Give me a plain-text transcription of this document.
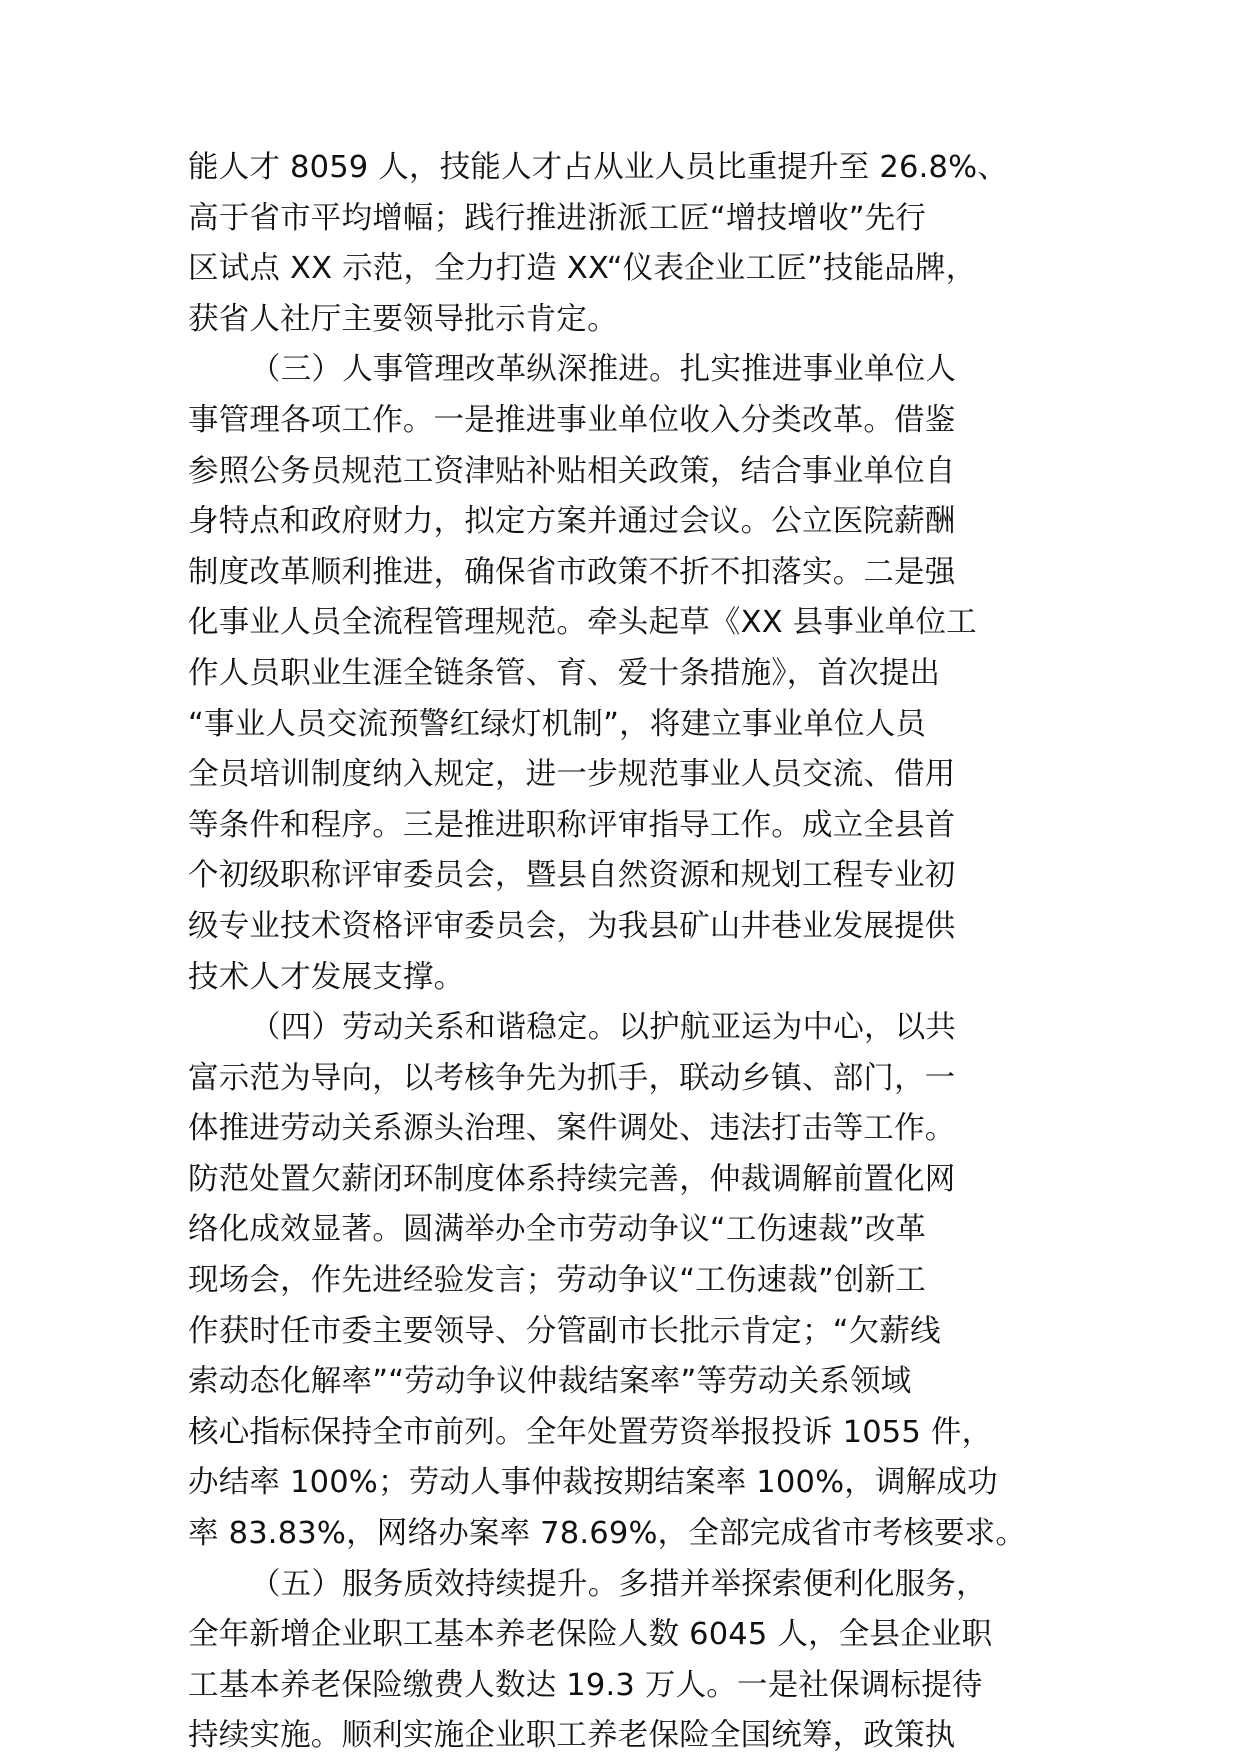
能人才 8059 人，技能人才占从业人员比重提升至 26.8%、
高于省市平均增幅；践行推进浙派工匠“增技增收”先行
区试点 XX 示范，全力打造 XX“仪表企业工匠”技能品牌，
获省人社厅主要领导批示肯定。
（三）人事管理改革纵深推进。扎实推进事业单位人
事管理各项工作。一是推进事业单位收入分类改革。借鉴
参照公务员规范工资津贴补贴相关政策，结合事业单位自
身特点和政府财力，拟定方案并通过会议。公立医院薪酬
制度改革顺利推进，确保省市政策不折不扣落实。二是强
化事业人员全流程管理规范。牵头起草《XX 县事业单位工
作人员职业生涯全链条管、育、爱十条措施》，首次提出
“事业人员交流预警红绿灯机制”，将建立事业单位人员
全员培训制度纳入规定，进一步规范事业人员交流、借用
等条件和程序。三是推进职称评审指导工作。成立全县首
个初级职称评审委员会，暨县自然资源和规划工程专业初
级专业技术资格评审委员会，为我县矿山井巷业发展提供
技术人才发展支撑。
（四）劳动关系和谐稳定。以护航亚运为中心，以共
富示范为导向，以考核争先为抓手，联动乡镇、部门，一
体推进劳动关系源头治理、案件调处、违法打击等工作。
防范处置欠薪闭环制度体系持续完善，仲裁调解前置化网
络化成效显著。圆满举办全市劳动争议“工伤速裁”改革
现场会，作先进经验发言；劳动争议“工伤速裁”创新工
作获时任市委主要领导、分管副市长批示肯定；“欠薪线
索动态化解率”“劳动争议仲裁结案率”等劳动关系领域
核心指标保持全市前列。全年处置劳资举报投诉 1055 件，
办结率 100%；劳动人事仲裁按期结案率 100%，调解成功
率 83.83%，网络办案率 78.69%，全部完成省市考核要求。
（五）服务质效持续提升。多措并举探索便利化服务，
全年新增企业职工基本养老保险人数 6045 人，全县企业职
工基本养老保险缴费人数达 19.3 万人。一是社保调标提待
持续实施。顺利实施企业职工养老保险全国统筹，政策执
